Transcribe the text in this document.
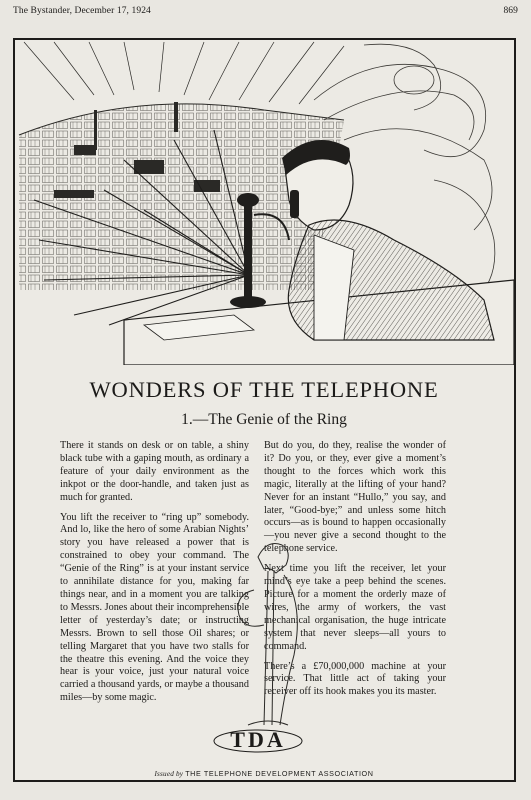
The Bystander, December 17, 1924	869
WONDERS OF THE TELEPHONE
1.—The Genie of the Ring

There it stands on desk or on table, a shiny black tube with a gaping mouth, as ordinary a feature of your daily environment as the inkpot or the door-handle, and taken just as much for granted.

You lift the receiver to “ring up” somebody. And lo, like the hero of some Arabian Nights’ story you have released a power that is constrained to obey your command. The “Genie of the Ring” is at your instant service to annihilate distance for you, making far things near, and in a moment you are talking to Messrs. Jones about their incomprehensible letter of yesterday’s date; or instructing Messrs. Brown to sell those Oil shares; or telling Margaret that you have two stalls for the theatre this evening. And the voice they hear is your voice, just your natural voice carried a thousand yards, or maybe a thousand miles—by some magic.

But do you, do they, realise the wonder of it? Do you, or they, ever give a moment’s thought to the forces which work this magic, literally at the lifting of your hand? Never for an instant “Hullo,” you say, and later, “Good-bye;” and unless some hitch occurs—as is bound to happen occasionally—you never give a second thought to the telephone service.

Next time you lift the receiver, let your mind’s eye take a peep behind the scenes. Picture for a moment the orderly maze of wires, the army of workers, the vast mechanical organisation, the huge intricate system that never sleeps—all yours to command.

There’s a £70,000,000 machine at your service. That little act of taking your receiver off its hook makes you its master.

TDA
Issued by THE TELEPHONE DEVELOPMENT ASSOCIATION
